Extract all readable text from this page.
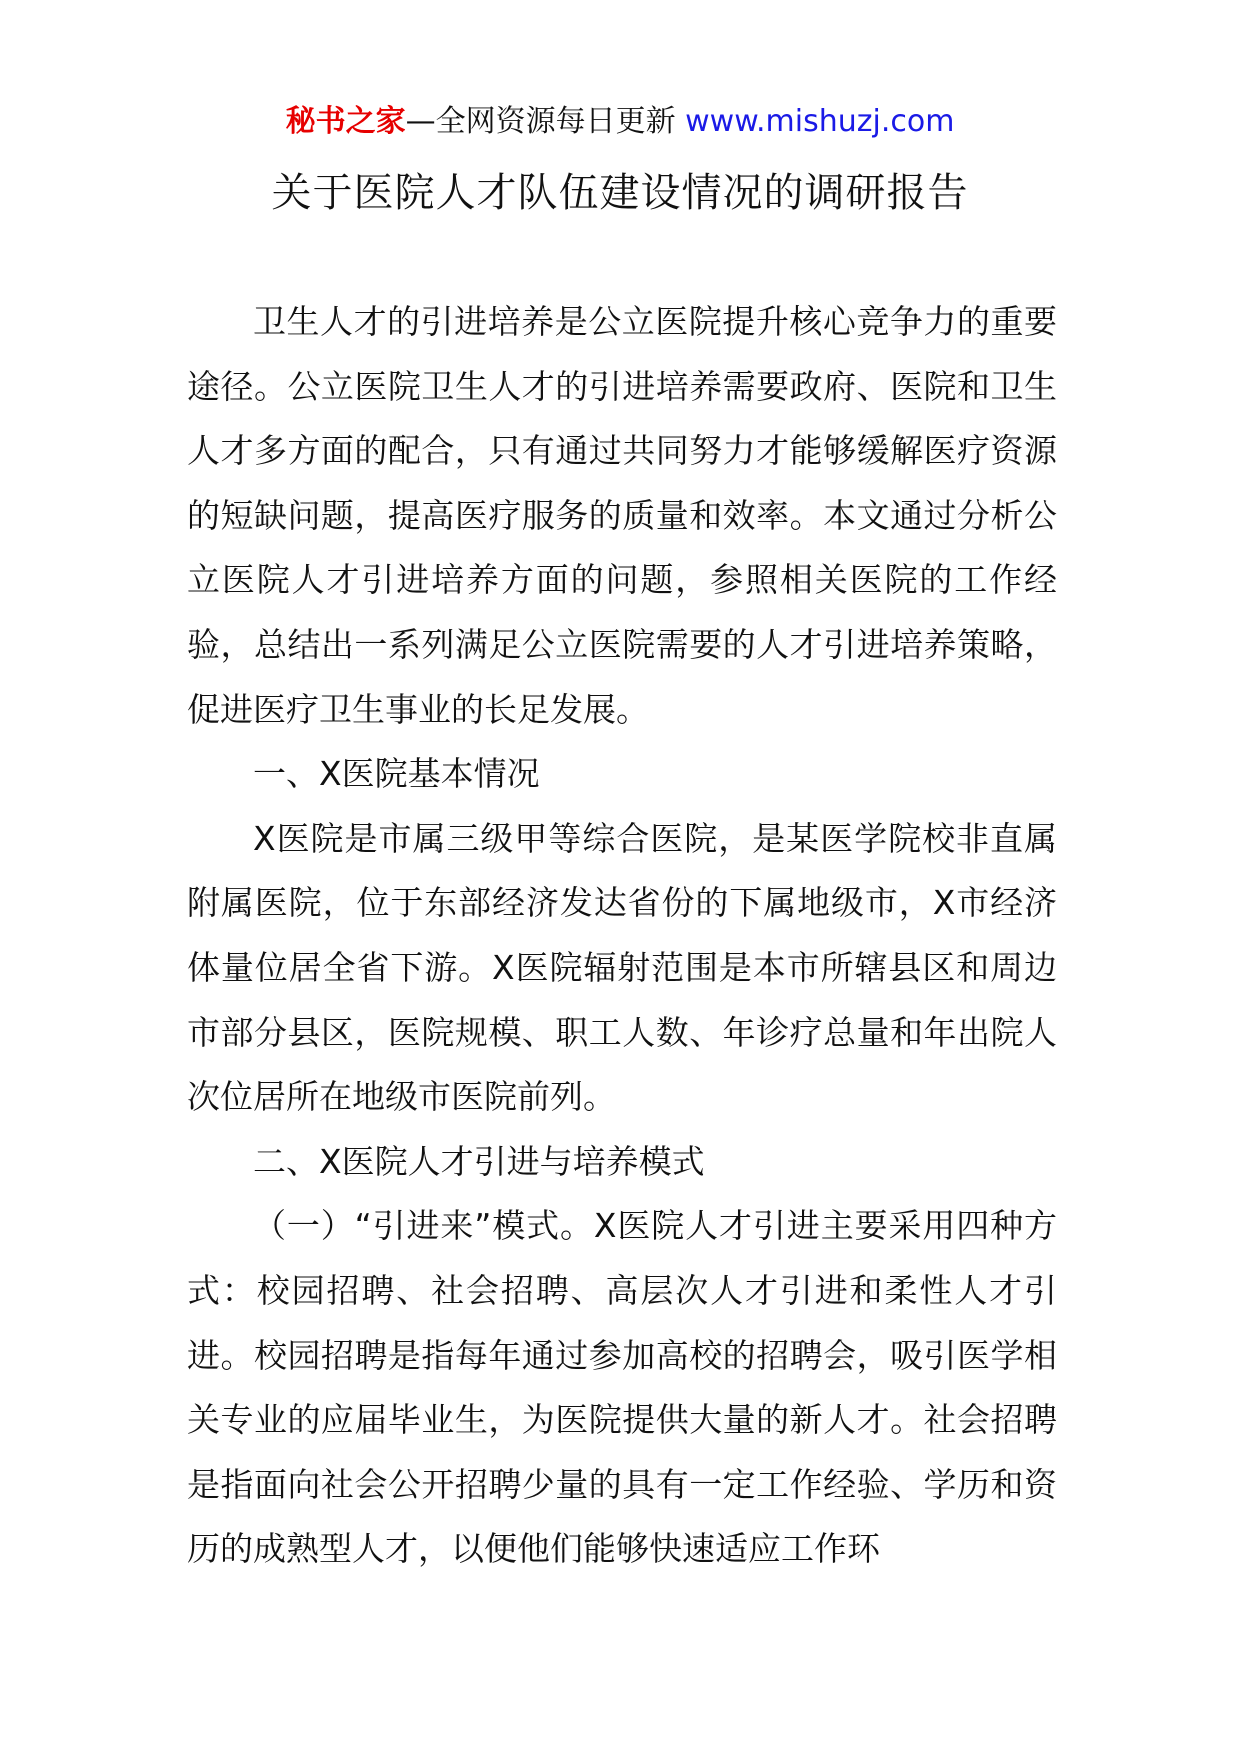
秘书之家—全网资源每日更新 www.mishuzj.com
关于医院人才队伍建设情况的调研报告

卫生人才的引进培养是公立医院提升核心竞争力的重要途径。公立医院卫生人才的引进培养需要政府、医院和卫生人才多方面的配合，只有通过共同努力才能够缓解医疗资源的短缺问题，提高医疗服务的质量和效率。本文通过分析公立医院人才引进培养方面的问题，参照相关医院的工作经验，总结出一系列满足公立医院需要的人才引进培养策略，促进医疗卫生事业的长足发展。

一、X医院基本情况

X医院是市属三级甲等综合医院，是某医学院校非直属附属医院，位于东部经济发达省份的下属地级市，X市经济体量位居全省下游。X医院辐射范围是本市所辖县区和周边市部分县区，医院规模、职工人数、年诊疗总量和年出院人次位居所在地级市医院前列。

二、X医院人才引进与培养模式

（一）“引进来”模式。X医院人才引进主要采用四种方式：校园招聘、社会招聘、高层次人才引进和柔性人才引进。校园招聘是指每年通过参加高校的招聘会，吸引医学相关专业的应届毕业生，为医院提供大量的新人才。社会招聘是指面向社会公开招聘少量的具有一定工作经验、学历和资历的成熟型人才，以便他们能够快速适应工作环
